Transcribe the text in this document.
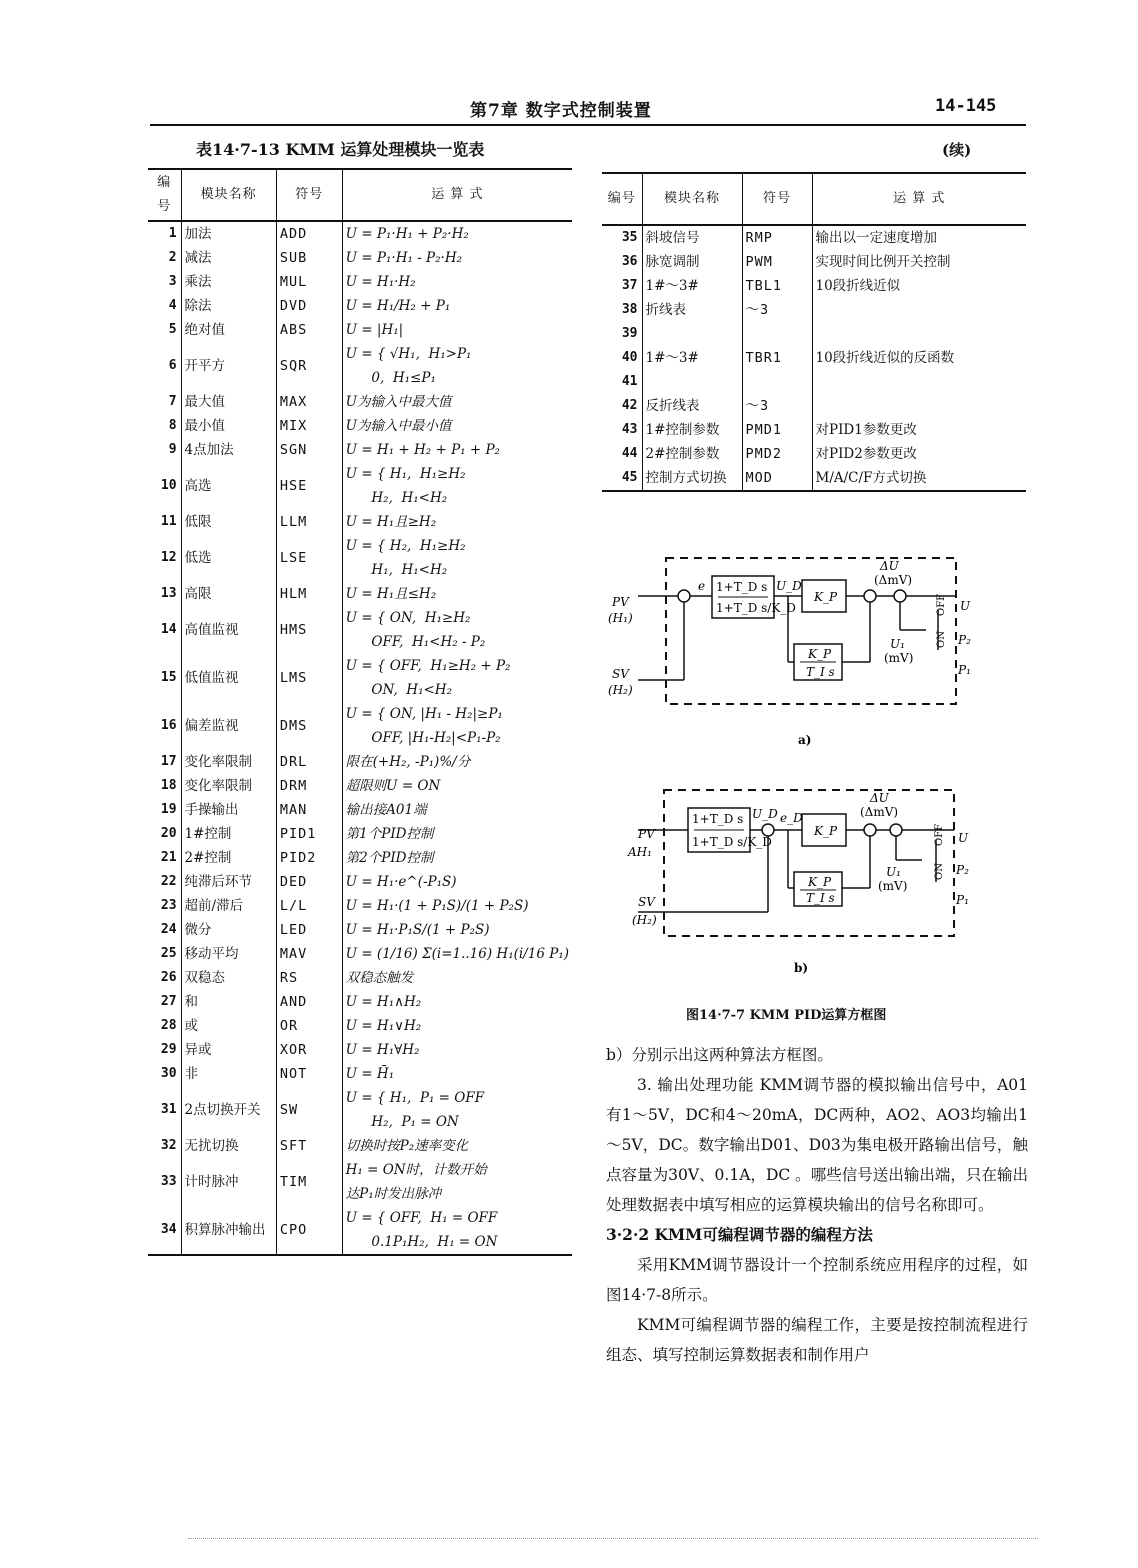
第7章 数字式控制装置	14-145
表14·7-13 KMM 运算处理模块一览表	(续)
编号	模块名称	符号	运 算 式
1	加法	ADD	U = P₁·H₁ + P₂·H₂

2	减法	SUB	U = P₁·H₁ - P₂·H₂

3	乘法	MUL	U = H₁·H₂

4	除法	DVD	U = H₁/H₂ + P₁

5	绝对值	ABS	U = |H₁|

6	开平方	SQR	U = { √H₁,  H₁>P₁
0,  H₁≤P₁

7	最大值	MAX	U为输入中最大值

8	最小值	MIX	U为输入中最小值

9	4点加法	SGN	U = H₁ + H₂ + P₁ + P₂

10	高选	HSE	U = { H₁,  H₁≥H₂
H₂,  H₁<H₂

11	低限	LLM	U = H₁且≥H₂

12	低选	LSE	U = { H₂,  H₁≥H₂
H₁,  H₁<H₂

13	高限	HLM	U = H₁且≤H₂

14	高值监视	HMS	U = { ON,  H₁≥H₂
OFF,  H₁<H₂ - P₂

15	低值监视	LMS	U = { OFF,  H₁≥H₂ + P₂
ON,  H₁<H₂

16	偏差监视	DMS	U = { ON, |H₁ - H₂|≥P₁
OFF, |H₁-H₂|<P₁-P₂

17	变化率限制	DRL	限在(+H₂, -P₁)%/分

18	变化率限制	DRM	超限则U = ON

19	手操输出	MAN	输出接A01端

20	1#控制	PID1	第1个PID控制

21	2#控制	PID2	第2个PID控制

22	纯滞后环节	DED	U = H₁·e^(-P₁S)

23	超前/滞后	L/L	U = H₁·(1 + P₁S)/(1 + P₂S)

24	微分	LED	U = H₁·P₁S/(1 + P₂S)

25	移动平均	MAV	U = (1/16) Σ(i=1..16) H₁(i/16 P₁)

26	双稳态	RS	双稳态触发

27	和	AND	U = H₁∧H₂

28	或	OR	U = H₁∨H₂

29	异或	XOR	U = H₁∀H₂

30	非	NOT	U = H̄₁

31	2点切换开关	SW	U = { H₁,  P₁ = OFF
H₂,  P₁ = ON

32	无扰切换	SFT	切换时按P₂速率变化

33	计时脉冲	TIM	H₁ = ON时，计数开始
达P₁时发出脉冲

34	积算脉冲输出	CPO	U = { OFF,  H₁ = OFF
0.1P₁H₂,  H₁ = ON
编号	模块名称	符号	运 算 式
35	斜坡信号	RMP	输出以一定速度增加
36	脉宽调制	PWM	实现时间比例开关控制
37	1#～3#	TBL1	10段折线近似
38	折线表	～3	
39			
40	1#～3#	TBR1	10段折线近似的反函数
41			
42	反折线表	～3	
43	1#控制参数	PMD1	对PID1参数更改
44	2#控制参数	PMD2	对PID2参数更改
45	控制方式切换	MOD	M/A/C/F方式切换
1+T_D s
1+T_D s/K_D
U_D
K_P
K_P
T_I s
PV
(H₁)
SV
(H₂)
e
ΔU
(ΔmV)
U
U₁
(mV)
P₂
P₁
OFF
ON
a)
1+T_D s
1+T_D s/K_D
K_P
K_P
T_I s
PV
AH₁
SV
(H₂)
U_D e_D
ΔU
(ΔmV)
U
U₁
(mV)
P₂
P₁
OFF
ON
b)
图14·7-7 KMM PID运算方框图

b）分别示出这两种算法方框图。

3. 输出处理功能 KMM调节器的模拟输出信号中，A01有1～5V，DC和4～20mA，DC两种，AO2、AO3均输出1～5V，DC。数字输出D01、D03为集电极开路输出信号，触点容量为30V、0.1A，DC 。哪些信号送出输出端，只在输出处理数据表中填写相应的运算模块输出的信号名称即可。

3·2·2 KMM可编程调节器的编程方法

采用KMM调节器设计一个控制系统应用程序的过程，如图14·7-8所示。

KMM可编程调节器的编程工作，主要是按控制流程进行组态、填写控制运算数据表和制作用户
